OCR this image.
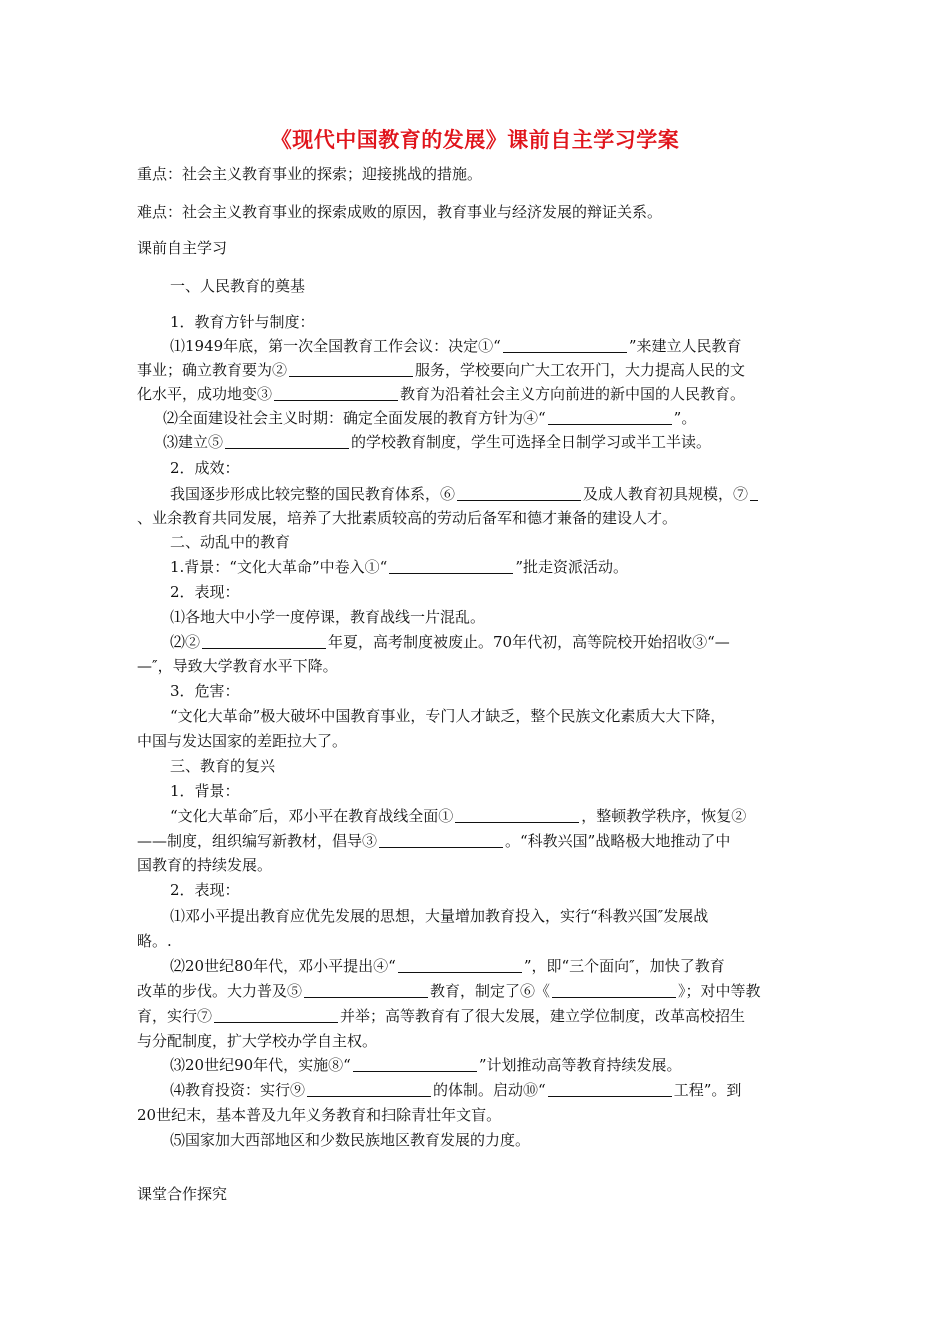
《现代中国教育的发展》课前自主学习学案
重点：社会主义教育事业的探索；迎接挑战的措施。
难点：社会主义教育事业的探索成败的原因，教育事业与经济发展的辩证关系。
课前自主学习
一、人民教育的奠基
1．教育方针与制度：
⑴1949年底，第一次全国教育工作会议：决定①“	”来建立人民教育
事业；确立教育要为②	服务，学校要向广大工农开门，大力提高人民的文
化水平，成功地变③	教育为沿着社会主义方向前进的新中国的人民教育。
⑵全面建设社会主义时期：确定全面发展的教育方针为④“	”。
⑶建立⑤	的学校教育制度，学生可选择全日制学习或半工半读。
2．成效：
我国逐步形成比较完整的国民教育体系，⑥	及成人教育初具规模，⑦
、业余教育共同发展，培养了大批素质较高的劳动后备军和德才兼备的建设人才。
二、动乱中的教育
1.背景：“文化大革命”中卷入①“	”批走资派活动。
2．表现：
⑴各地大中小学一度停课，教育战线一片混乱。
⑵②	年夏，高考制度被废止。70年代初，高等院校开始招收③“—
—″，导致大学教育水平下降。
3．危害：
“文化大革命”极大破坏中国教育事业，专门人才缺乏，整个民族文化素质大大下降，
中国与发达国家的差距拉大了。
三、教育的复兴
1．背景：
“文化大革命″后，邓小平在教育战线全面①	，整顿教学秩序，恢复②
——制度，组织编写新教材，倡导③	。“科教兴国”战略极大地推动了中
国教育的持续发展。
2．表现：
⑴邓小平提出教育应优先发展的思想，大量增加教育投入，实行“科教兴国″发展战
略。.
⑵20世纪80年代，邓小平提出④“	”，即“三个面向″，加快了教育
改革的步伐。大力普及⑤	教育，制定了⑥《	》；对中等教
育，实行⑦	并举；高等教育有了很大发展，建立学位制度，改革高校招生
与分配制度，扩大学校办学自主权。
⑶20世纪90年代，实施⑧“	”计划推动高等教育持续发展。
⑷教育投资：实行⑨	的体制。启动⑩“	工程”。到
20世纪末，基本普及九年义务教育和扫除青壮年文盲。
⑸国家加大西部地区和少数民族地区教育发展的力度。
课堂合作探究
